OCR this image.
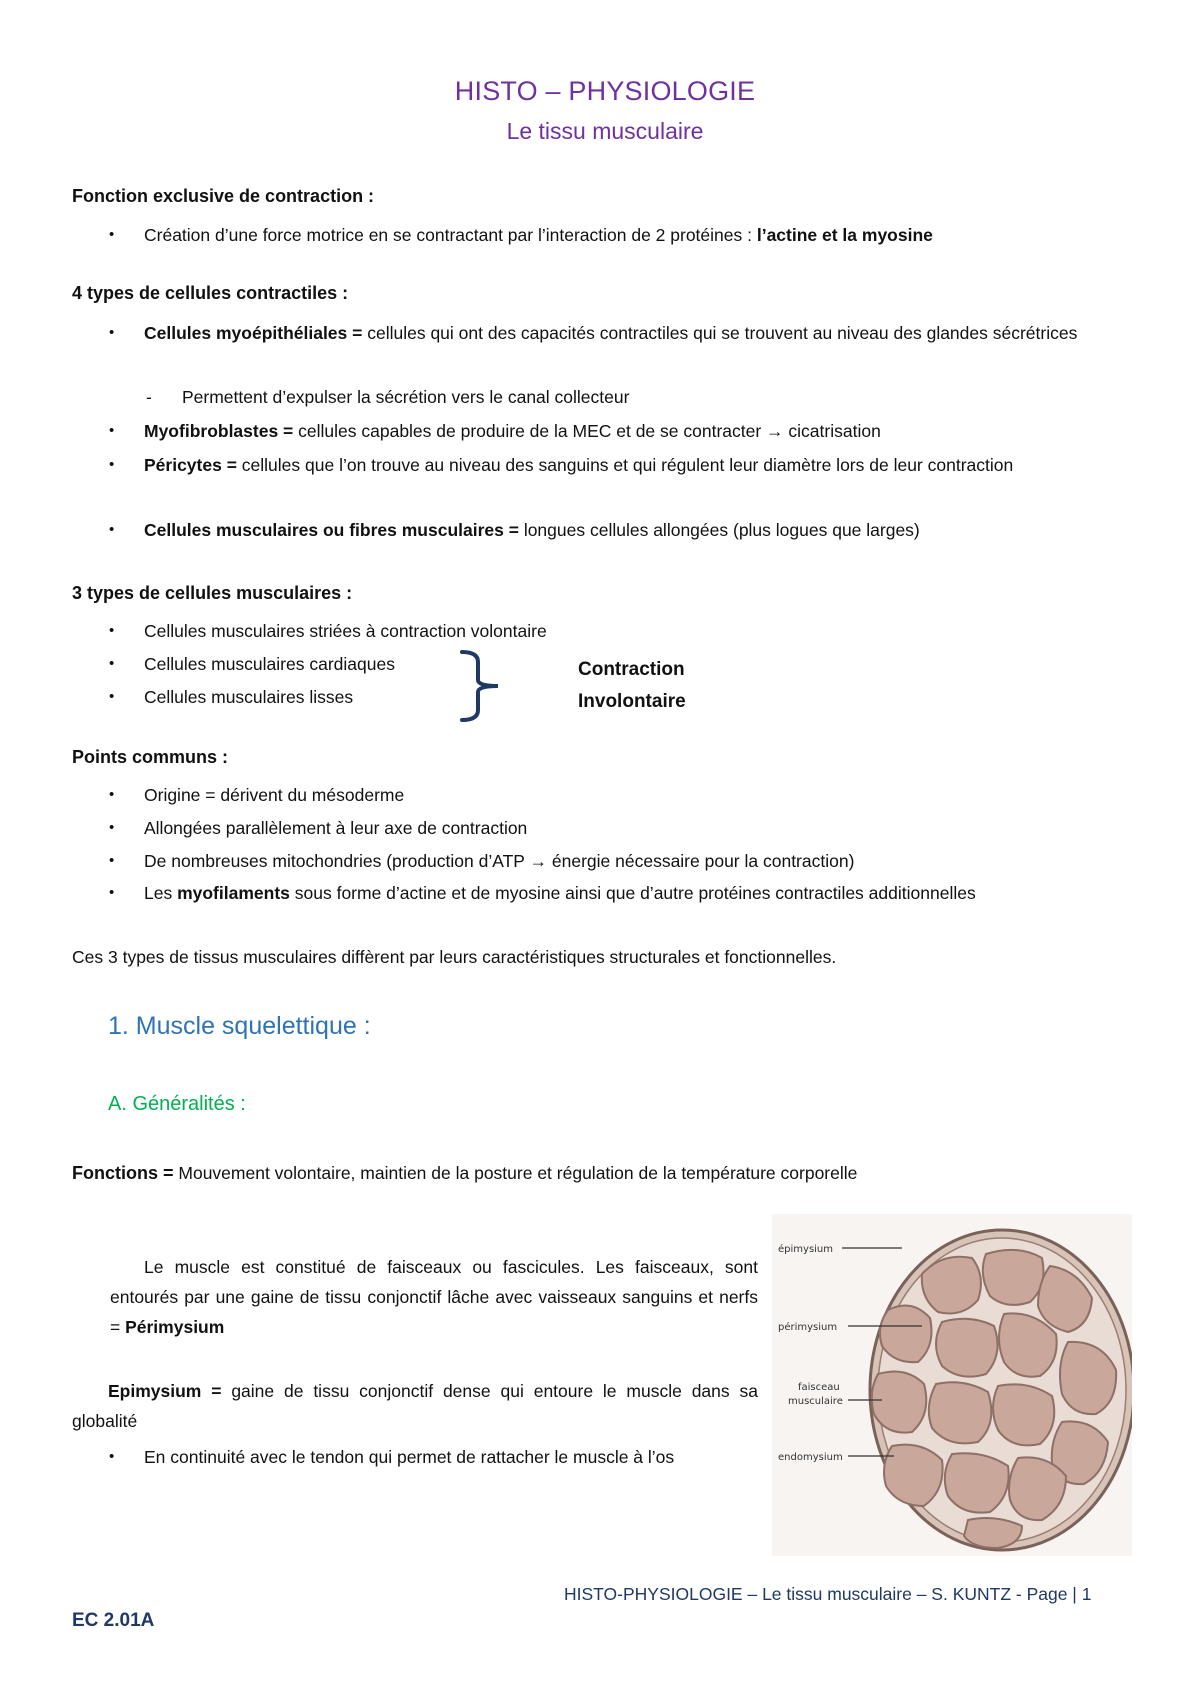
HISTO – PHYSIOLOGIE
Le tissu musculaire
Fonction exclusive de contraction :
• Création d’une force motrice en se contractant par l’interaction de 2 protéines : l’actine et la myosine
4 types de cellules contractiles :
• Cellules myoépithéliales = cellules qui ont des capacités contractiles qui se trouvent au niveau des glandes sécrétrices
- Permettent d’expulser la sécrétion vers le canal collecteur
• Myofibroblastes = cellules capables de produire de la MEC et de se contracter → cicatrisation
• Péricytes = cellules que l’on trouve au niveau des sanguins et qui régulent leur diamètre lors de leur contraction
• Cellules musculaires ou fibres musculaires = longues cellules allongées (plus logues que larges)
3 types de cellules musculaires :
• Cellules musculaires striées à contraction volontaire
• Cellules musculaires cardiaques
• Cellules musculaires lisses
Contraction
Involontaire
Points communs :
• Origine = dérivent du mésoderme
• Allongées parallèlement à leur axe de contraction
• De nombreuses mitochondries (production d’ATP → énergie nécessaire pour la contraction)
• Les myofilaments sous forme d’actine et de myosine ainsi que d’autre protéines contractiles additionnelles
Ces 3 types de tissus musculaires diffèrent par leurs caractéristiques structurales et fonctionnelles.
1. Muscle squelettique :
A. Généralités :
Fonctions = Mouvement volontaire, maintien de la posture et régulation de la température corporelle
Le muscle est constitué de faisceaux ou fascicules. Les faisceaux, sont entourés par une gaine de tissu conjonctif lâche avec vaisseaux sanguins et nerfs = Périmysium
Epimysium = gaine de tissu conjonctif dense qui entoure le muscle dans sa globalité
• En continuité avec le tendon qui permet de rattacher le muscle à l’os
épimysium
périmysium
faisceau
musculaire
endomysium
HISTO-PHYSIOLOGIE – Le tissu musculaire – S. KUNTZ - Page | 1
EC 2.01A
